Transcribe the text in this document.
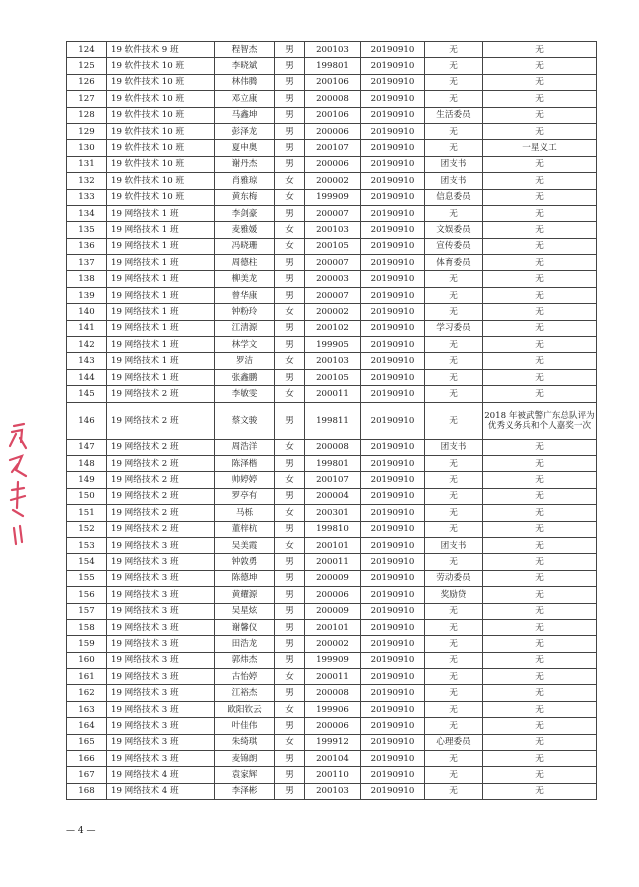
124	19 软件技术 9 班	程智杰	男	200103	20190910	无	无
125	19 软件技术 10 班	李晓斌	男	199801	20190910	无	无
126	19 软件技术 10 班	林伟腾	男	200106	20190910	无	无
127	19 软件技术 10 班	邓立康	男	200008	20190910	无	无
128	19 软件技术 10 班	马鑫坤	男	200106	20190910	生活委员	无
129	19 软件技术 10 班	彭泽龙	男	200006	20190910	无	无
130	19 软件技术 10 班	夏申奥	男	200107	20190910	无	一星义工
131	19 软件技术 10 班	谢丹杰	男	200006	20190910	团支书	无
132	19 软件技术 10 班	肖雅琼	女	200002	20190910	团支书	无
133	19 软件技术 10 班	黄东梅	女	199909	20190910	信息委员	无
134	19 网络技术 1 班	李剑豪	男	200007	20190910	无	无
135	19 网络技术 1 班	麦雅媛	女	200103	20190910	文娱委员	无
136	19 网络技术 1 班	冯晓珊	女	200105	20190910	宣传委员	无
137	19 网络技术 1 班	周德柱	男	200007	20190910	体育委员	无
138	19 网络技术 1 班	柳美龙	男	200003	20190910	无	无
139	19 网络技术 1 班	曾华康	男	200007	20190910	无	无
140	19 网络技术 1 班	钟粉玲	女	200002	20190910	无	无
141	19 网络技术 1 班	江清源	男	200102	20190910	学习委员	无
142	19 网络技术 1 班	林学文	男	199905	20190910	无	无
143	19 网络技术 1 班	罗洁	女	200103	20190910	无	无
144	19 网络技术 1 班	张鑫鹏	男	200105	20190910	无	无
145	19 网络技术 2 班	李敏雯	女	200011	20190910	无	无
146	19 网络技术 2 班	蔡文骏	男	199811	20190910	无	2018 年被武警广东总队评为优秀义务兵和个人嘉奖一次
147	19 网络技术 2 班	周浩洋	女	200008	20190910	团支书	无
148	19 网络技术 2 班	陈泽楷	男	199801	20190910	无	无
149	19 网络技术 2 班	帅婷婷	女	200107	20190910	无	无
150	19 网络技术 2 班	罗亭有	男	200004	20190910	无	无
151	19 网络技术 2 班	马栎	女	200301	20190910	无	无
152	19 网络技术 2 班	董梓杭	男	199810	20190910	无	无
153	19 网络技术 3 班	吴美霞	女	200101	20190910	团支书	无
154	19 网络技术 3 班	钟敦勇	男	200011	20190910	无	无
155	19 网络技术 3 班	陈德坤	男	200009	20190910	劳动委员	无
156	19 网络技术 3 班	黄耀源	男	200006	20190910	奖励贷	无
157	19 网络技术 3 班	吴星炫	男	200009	20190910	无	无
158	19 网络技术 3 班	谢馨仪	男	200101	20190910	无	无
159	19 网络技术 3 班	田浩龙	男	200002	20190910	无	无
160	19 网络技术 3 班	郭炜杰	男	199909	20190910	无	无
161	19 网络技术 3 班	古怡婷	女	200011	20190910	无	无
162	19 网络技术 3 班	江裕杰	男	200008	20190910	无	无
163	19 网络技术 3 班	欧阳钦云	女	199906	20190910	无	无
164	19 网络技术 3 班	叶佳伟	男	200006	20190910	无	无
165	19 网络技术 3 班	朱绮琪	女	199912	20190910	心理委员	无
166	19 网络技术 3 班	麦锦朗	男	200104	20190910	无	无
167	19 网络技术 4 班	袁家辉	男	200110	20190910	无	无
168	19 网络技术 4 班	李泽彬	男	200103	20190910	无	无
— 4 —
